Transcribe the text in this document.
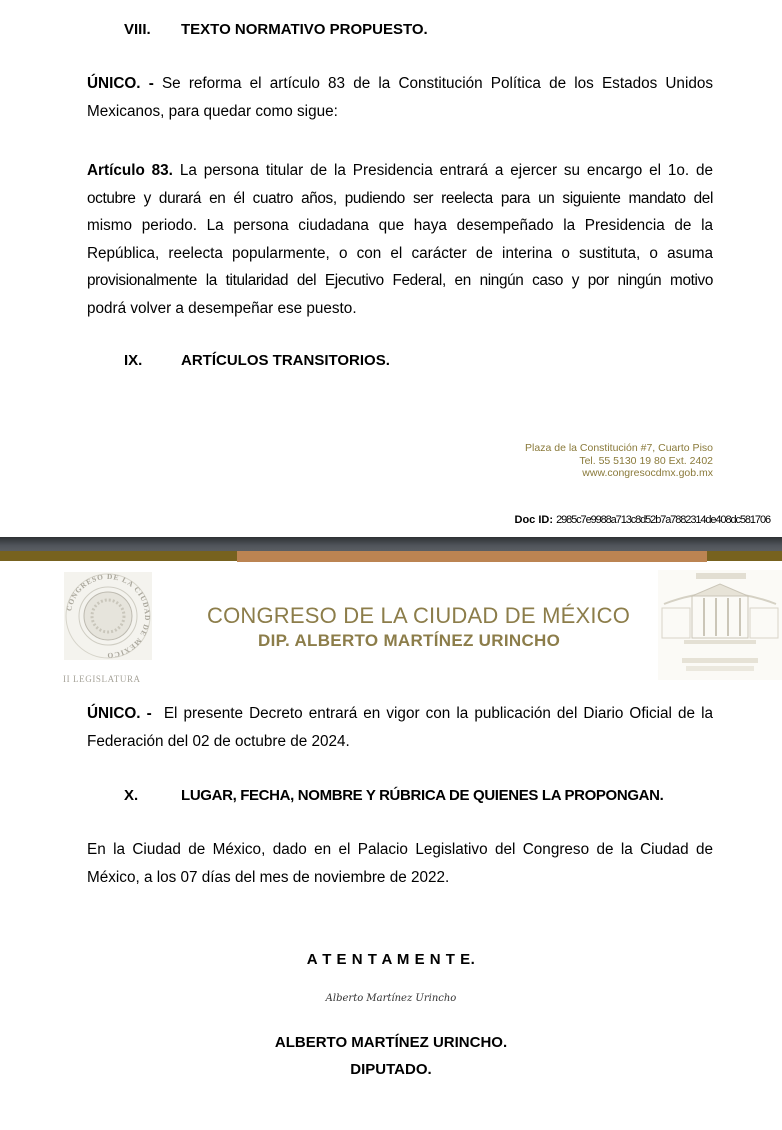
VIII. TEXTO NORMATIVO PROPUESTO.
ÚNICO. - Se reforma el artículo 83 de la Constitución Política de los Estados Unidos
Mexicanos, para quedar como sigue:
Artículo 83. La persona titular de la Presidencia entrará a ejercer su encargo el 1o. de
octubre y durará en él cuatro años, pudiendo ser reelecta para un siguiente mandato del
mismo periodo. La persona ciudadana que haya desempeñado la Presidencia de la
República, reelecta popularmente, o con el carácter de interina o sustituta, o asuma
provisionalmente la titularidad del Ejecutivo Federal, en ningún caso y por ningún motivo
podrá volver a desempeñar ese puesto.
IX.	ARTÍCULOS TRANSITORIOS.
Plaza de la Constitución #7, Cuarto Piso
Tel. 55 5130 19 80 Ext. 2402
www.congresocdmx.gob.mx
Doc ID: 2985c7e9988a713c8d52b7a7882314de408dc581706
CONGRESO DE LA CIUDAD DE MEXICO
II LEGISLATURA
CONGRESO DE LA CIUDAD DE MÉXICO
DIP. ALBERTO MARTÍNEZ URINCHO
ÚNICO. - El presente Decreto entrará en vigor con la publicación del Diario Oficial de la
Federación del 02 de octubre de 2024.
X.	LUGAR, FECHA, NOMBRE Y RÚBRICA DE QUIENES LA PROPONGAN.
En la Ciudad de México, dado en el Palacio Legislativo del Congreso de la Ciudad de
México, a los 07 días del mes de noviembre de 2022.
A T E N T A M E N T E.
Alberto Martínez Urincho
ALBERTO MARTÍNEZ URINCHO.
DIPUTADO.
